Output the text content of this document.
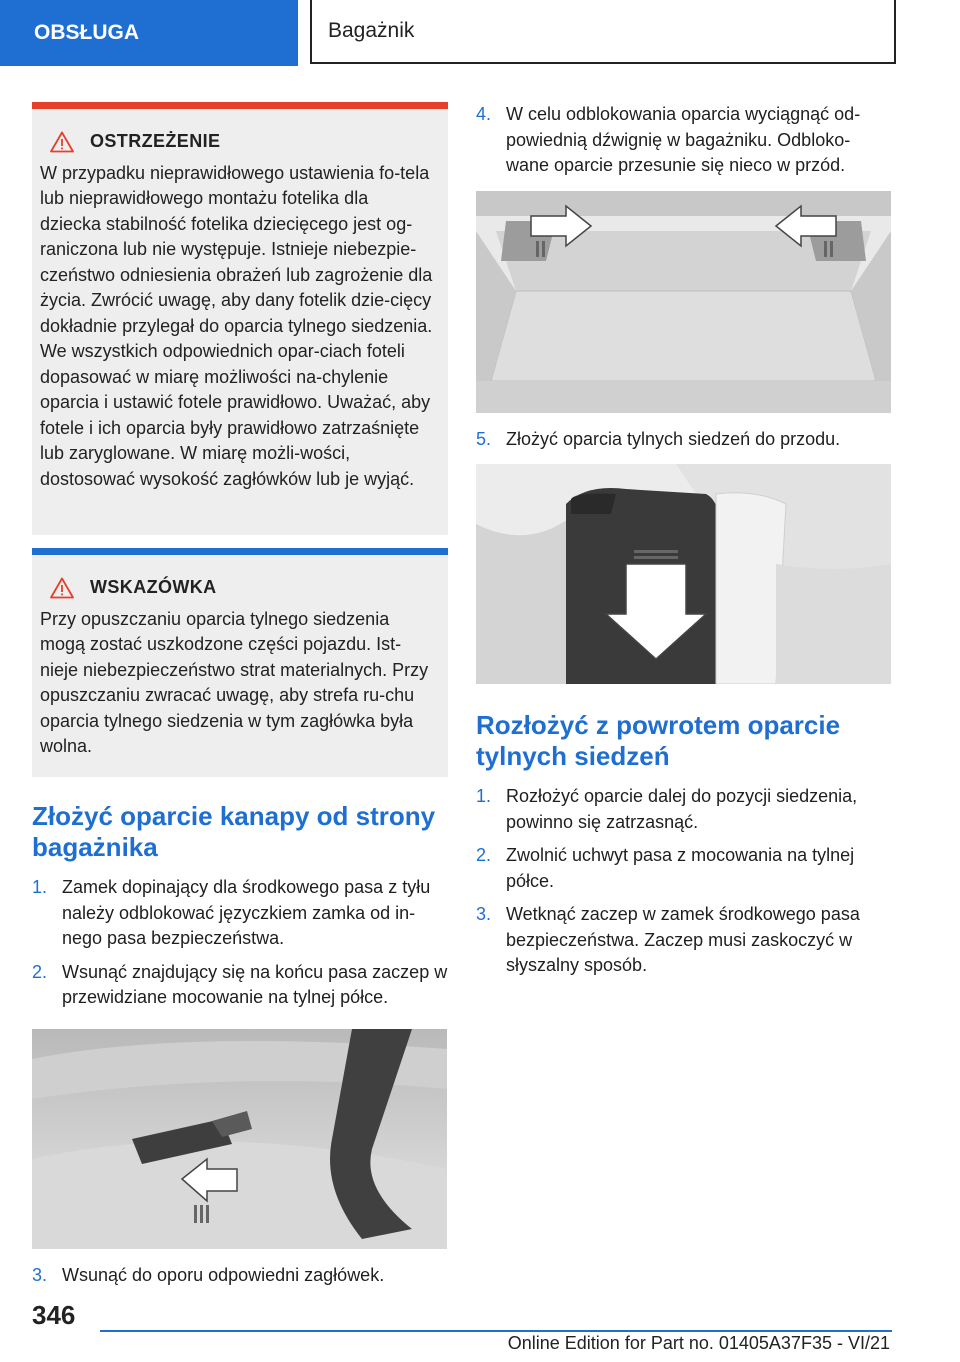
OBSŁUGA	Bagażnik
OSTRZEŻENIE

W przypadku nieprawidłowego ustawienia fo-tela lub nieprawidłowego montażu fotelika dla dziecka stabilność fotelika dziecięcego jest og-raniczona lub nie występuje. Istnieje niebezpie-czeństwo odniesienia obrażeń lub zagrożenie dla życia. Zwrócić uwagę, aby dany fotelik dzie-cięcy dokładnie przylegał do oparcia tylnego siedzenia. We wszystkich odpowiednich opar-ciach foteli dopasować w miarę możliwości na-chylenie oparcia i ustawić fotele prawidłowo. Uważać, aby fotele i ich oparcia były prawidłowo zatrzaśnięte lub zaryglowane. W miarę możli-wości, dostosować wysokość zagłówków lub je wyjąć.

WSKAZÓWKA

Przy opuszczaniu oparcia tylnego siedzenia mogą zostać uszkodzone części pojazdu. Ist-nieje niebezpieczeństwo strat materialnych. Przy opuszczaniu zwracać uwagę, aby strefa ru-chu oparcia tylnego siedzenia w tym zagłówka była wolna.

Złożyć oparcie kanapy od strony bagażnika
1. Zamek dopinający dla środkowego pasa z tyłu należy odblokować języczkiem zamka od in-nego pasa bezpieczeństwa.
2. Wsunąć znajdujący się na końcu pasa zaczep w przewidziane mocowanie na tylnej półce.
3. Wsunąć do oporu odpowiedni zagłówek.
4. W celu odblokowania oparcia wyciągnąć od-powiednią dźwignię w bagażniku. Odbloko-wane oparcie przesunie się nieco w przód.
5. Złożyć oparcia tylnych siedzeń do przodu.
Rozłożyć z powrotem oparcie tylnych siedzeń
1. Rozłożyć oparcie dalej do pozycji siedzenia, powinno się zatrzasnąć.
2. Zwolnić uchwyt pasa z mocowania na tylnej półce.
3. Wetknąć zaczep w zamek środkowego pasa bezpieczeństwa. Zaczep musi zaskoczyć w słyszalny sposób.
346
Online Edition for Part no. 01405A37F35 - VI/21
